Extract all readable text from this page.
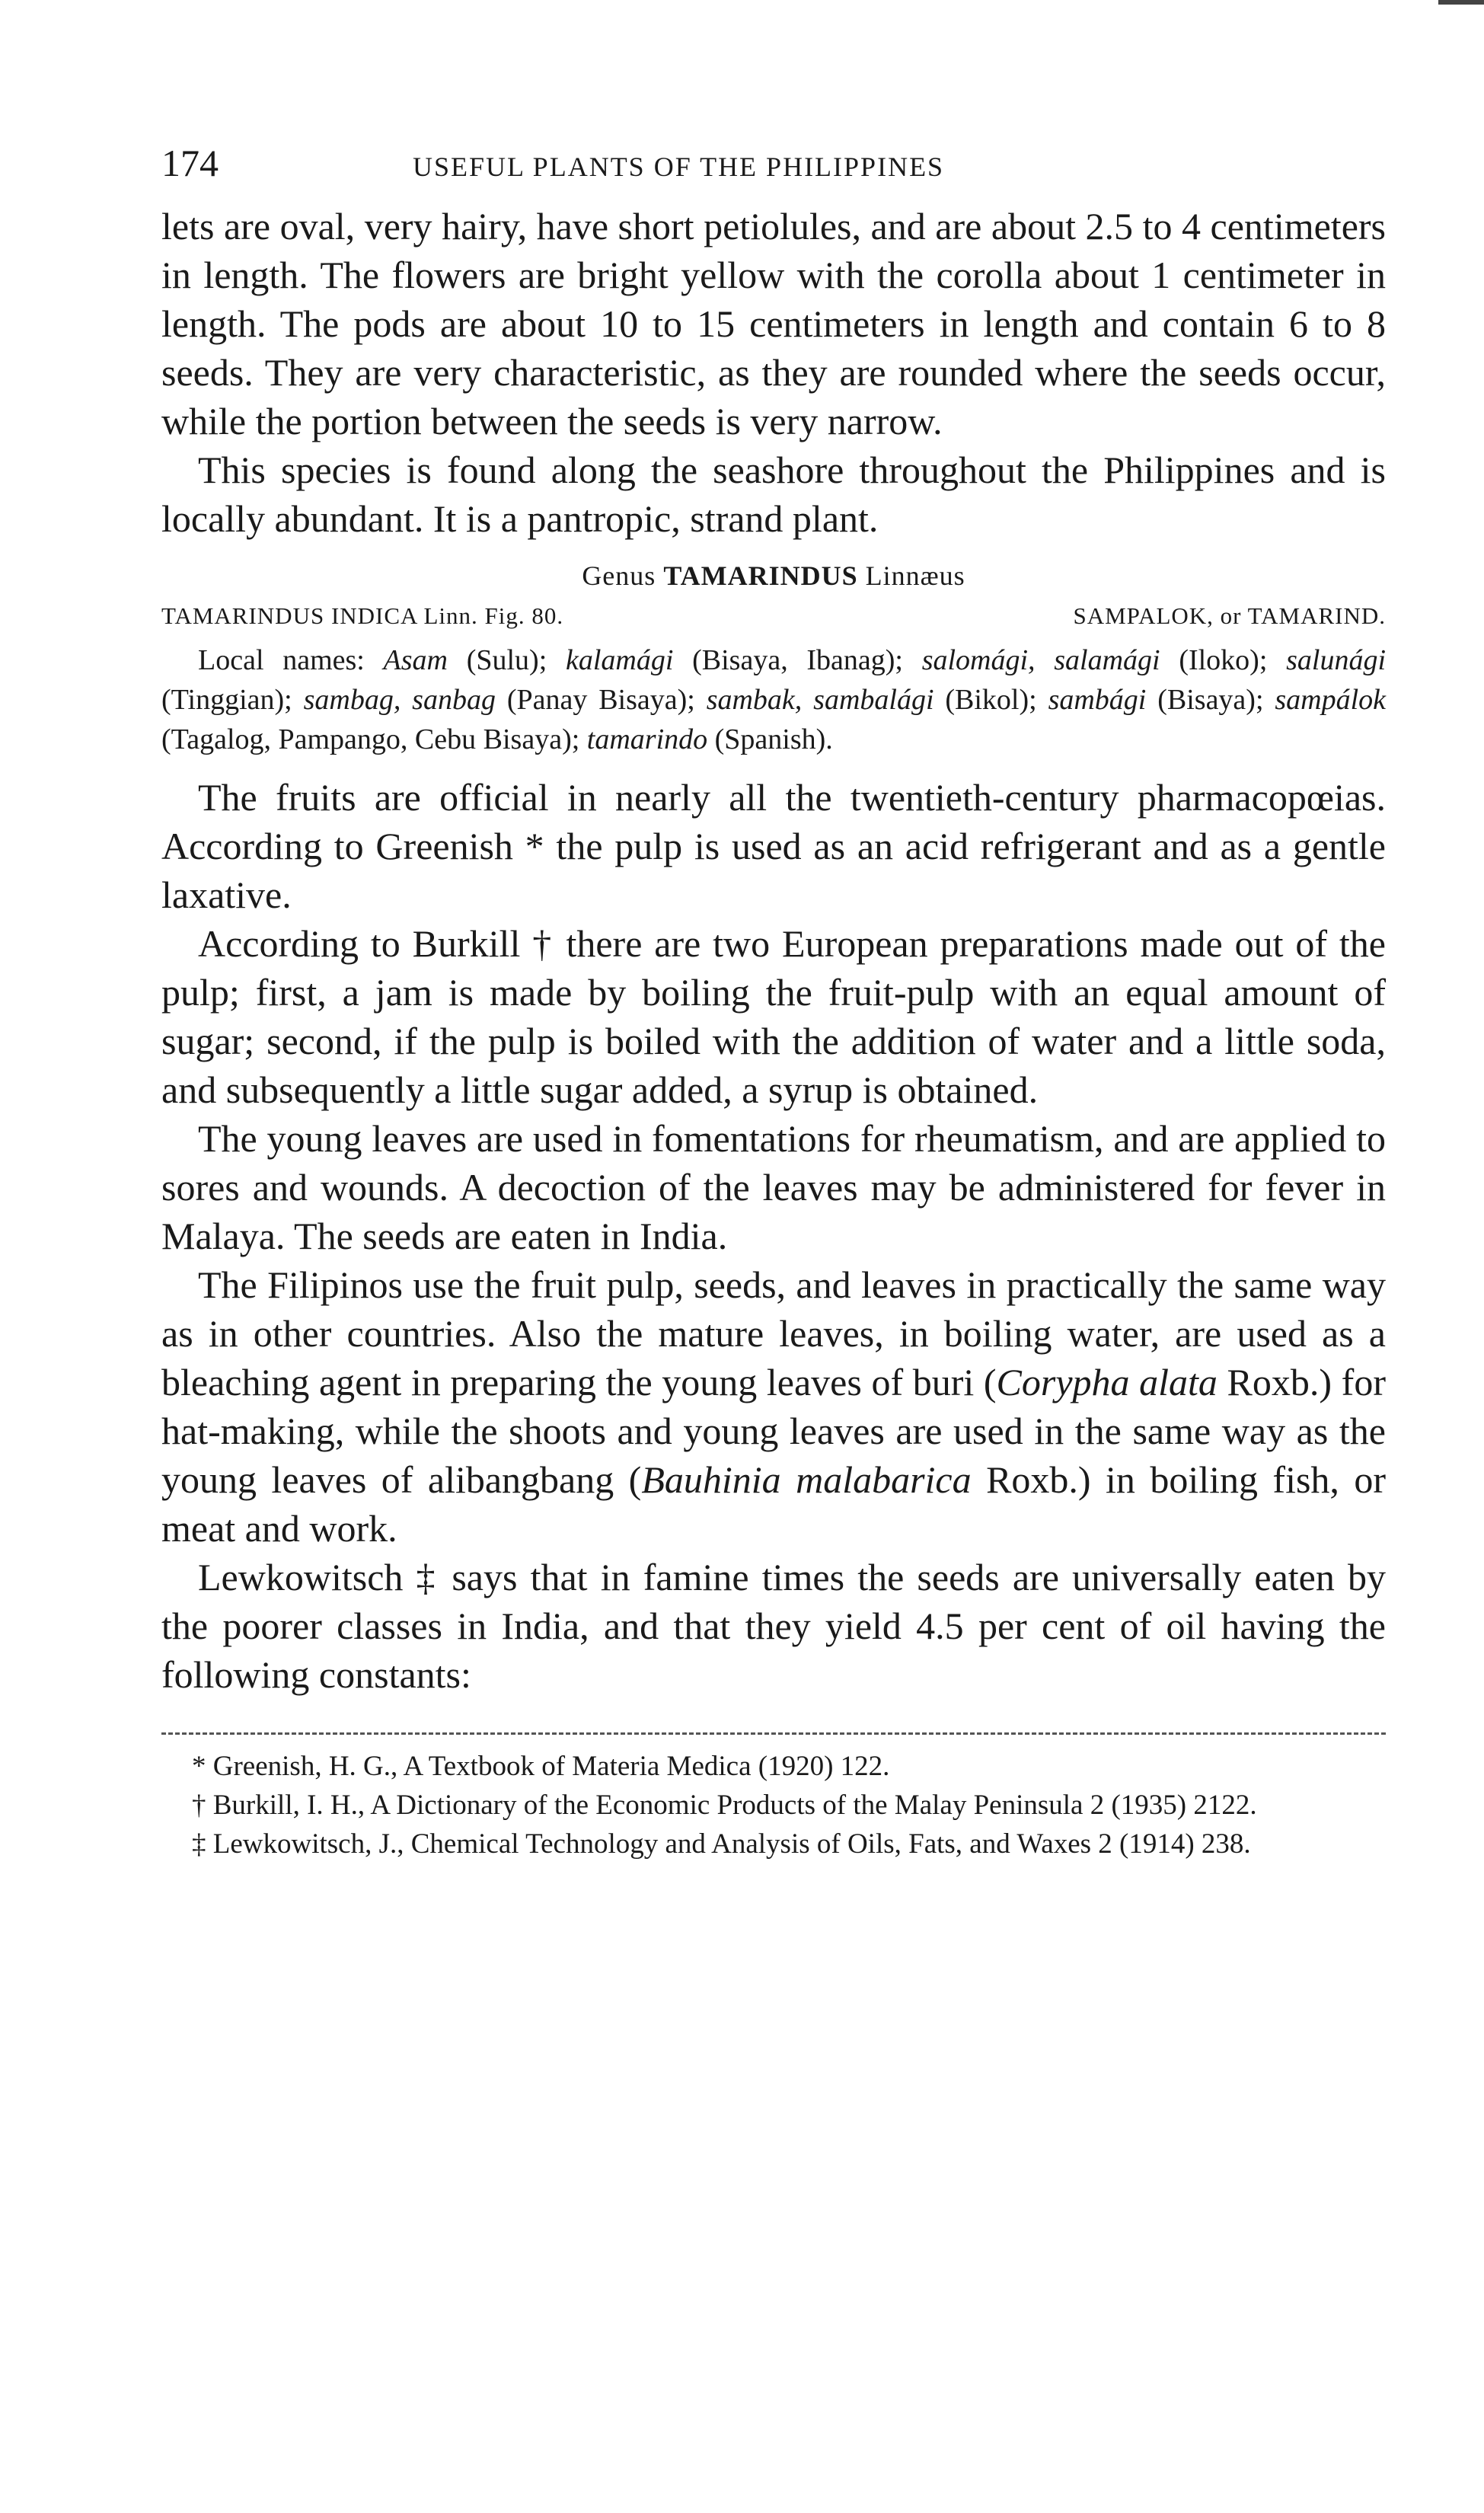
174	USEFUL PLANTS OF THE PHILIPPINES

lets are oval, very hairy, have short petiolules, and are about 2.5 to 4 centimeters in length. The flowers are bright yellow with the corolla about 1 centimeter in length. The pods are about 10 to 15 centimeters in length and contain 6 to 8 seeds. They are very characteristic, as they are rounded where the seeds occur, while the portion between the seeds is very narrow.

This species is found along the seashore throughout the Philippines and is locally abundant. It is a pantropic, strand plant.

Genus TAMARINDUS Linnæus
TAMARINDUS INDICA Linn. Fig. 80.	SAMPALOK, or TAMARIND.

Local names: Asam (Sulu); kalamági (Bisaya, Ibanag); salomági, salamági (Iloko); salunági (Tinggian); sambag, sanbag (Panay Bisaya); sambak, sambalági (Bikol); sambági (Bisaya); sampálok (Tagalog, Pampango, Cebu Bisaya); tamarindo (Spanish).

The fruits are official in nearly all the twentieth-century pharmacopœias. According to Greenish * the pulp is used as an acid refrigerant and as a gentle laxative.

According to Burkill † there are two European preparations made out of the pulp; first, a jam is made by boiling the fruit-pulp with an equal amount of sugar; second, if the pulp is boiled with the addition of water and a little soda, and subsequently a little sugar added, a syrup is obtained.

The young leaves are used in fomentations for rheumatism, and are applied to sores and wounds. A decoction of the leaves may be administered for fever in Malaya. The seeds are eaten in India.

The Filipinos use the fruit pulp, seeds, and leaves in practically the same way as in other countries. Also the mature leaves, in boiling water, are used as a bleaching agent in preparing the young leaves of buri (Corypha alata Roxb.) for hat-making, while the shoots and young leaves are used in the same way as the young leaves of alibangbang (Bauhinia malabarica Roxb.) in boiling fish, or meat and work.

Lewkowitsch ‡ says that in famine times the seeds are universally eaten by the poorer classes in India, and that they yield 4.5 per cent of oil having the following constants:

* Greenish, H. G., A Textbook of Materia Medica (1920) 122.

† Burkill, I. H., A Dictionary of the Economic Products of the Malay Peninsula 2 (1935) 2122.

‡ Lewkowitsch, J., Chemical Technology and Analysis of Oils, Fats, and Waxes 2 (1914) 238.
